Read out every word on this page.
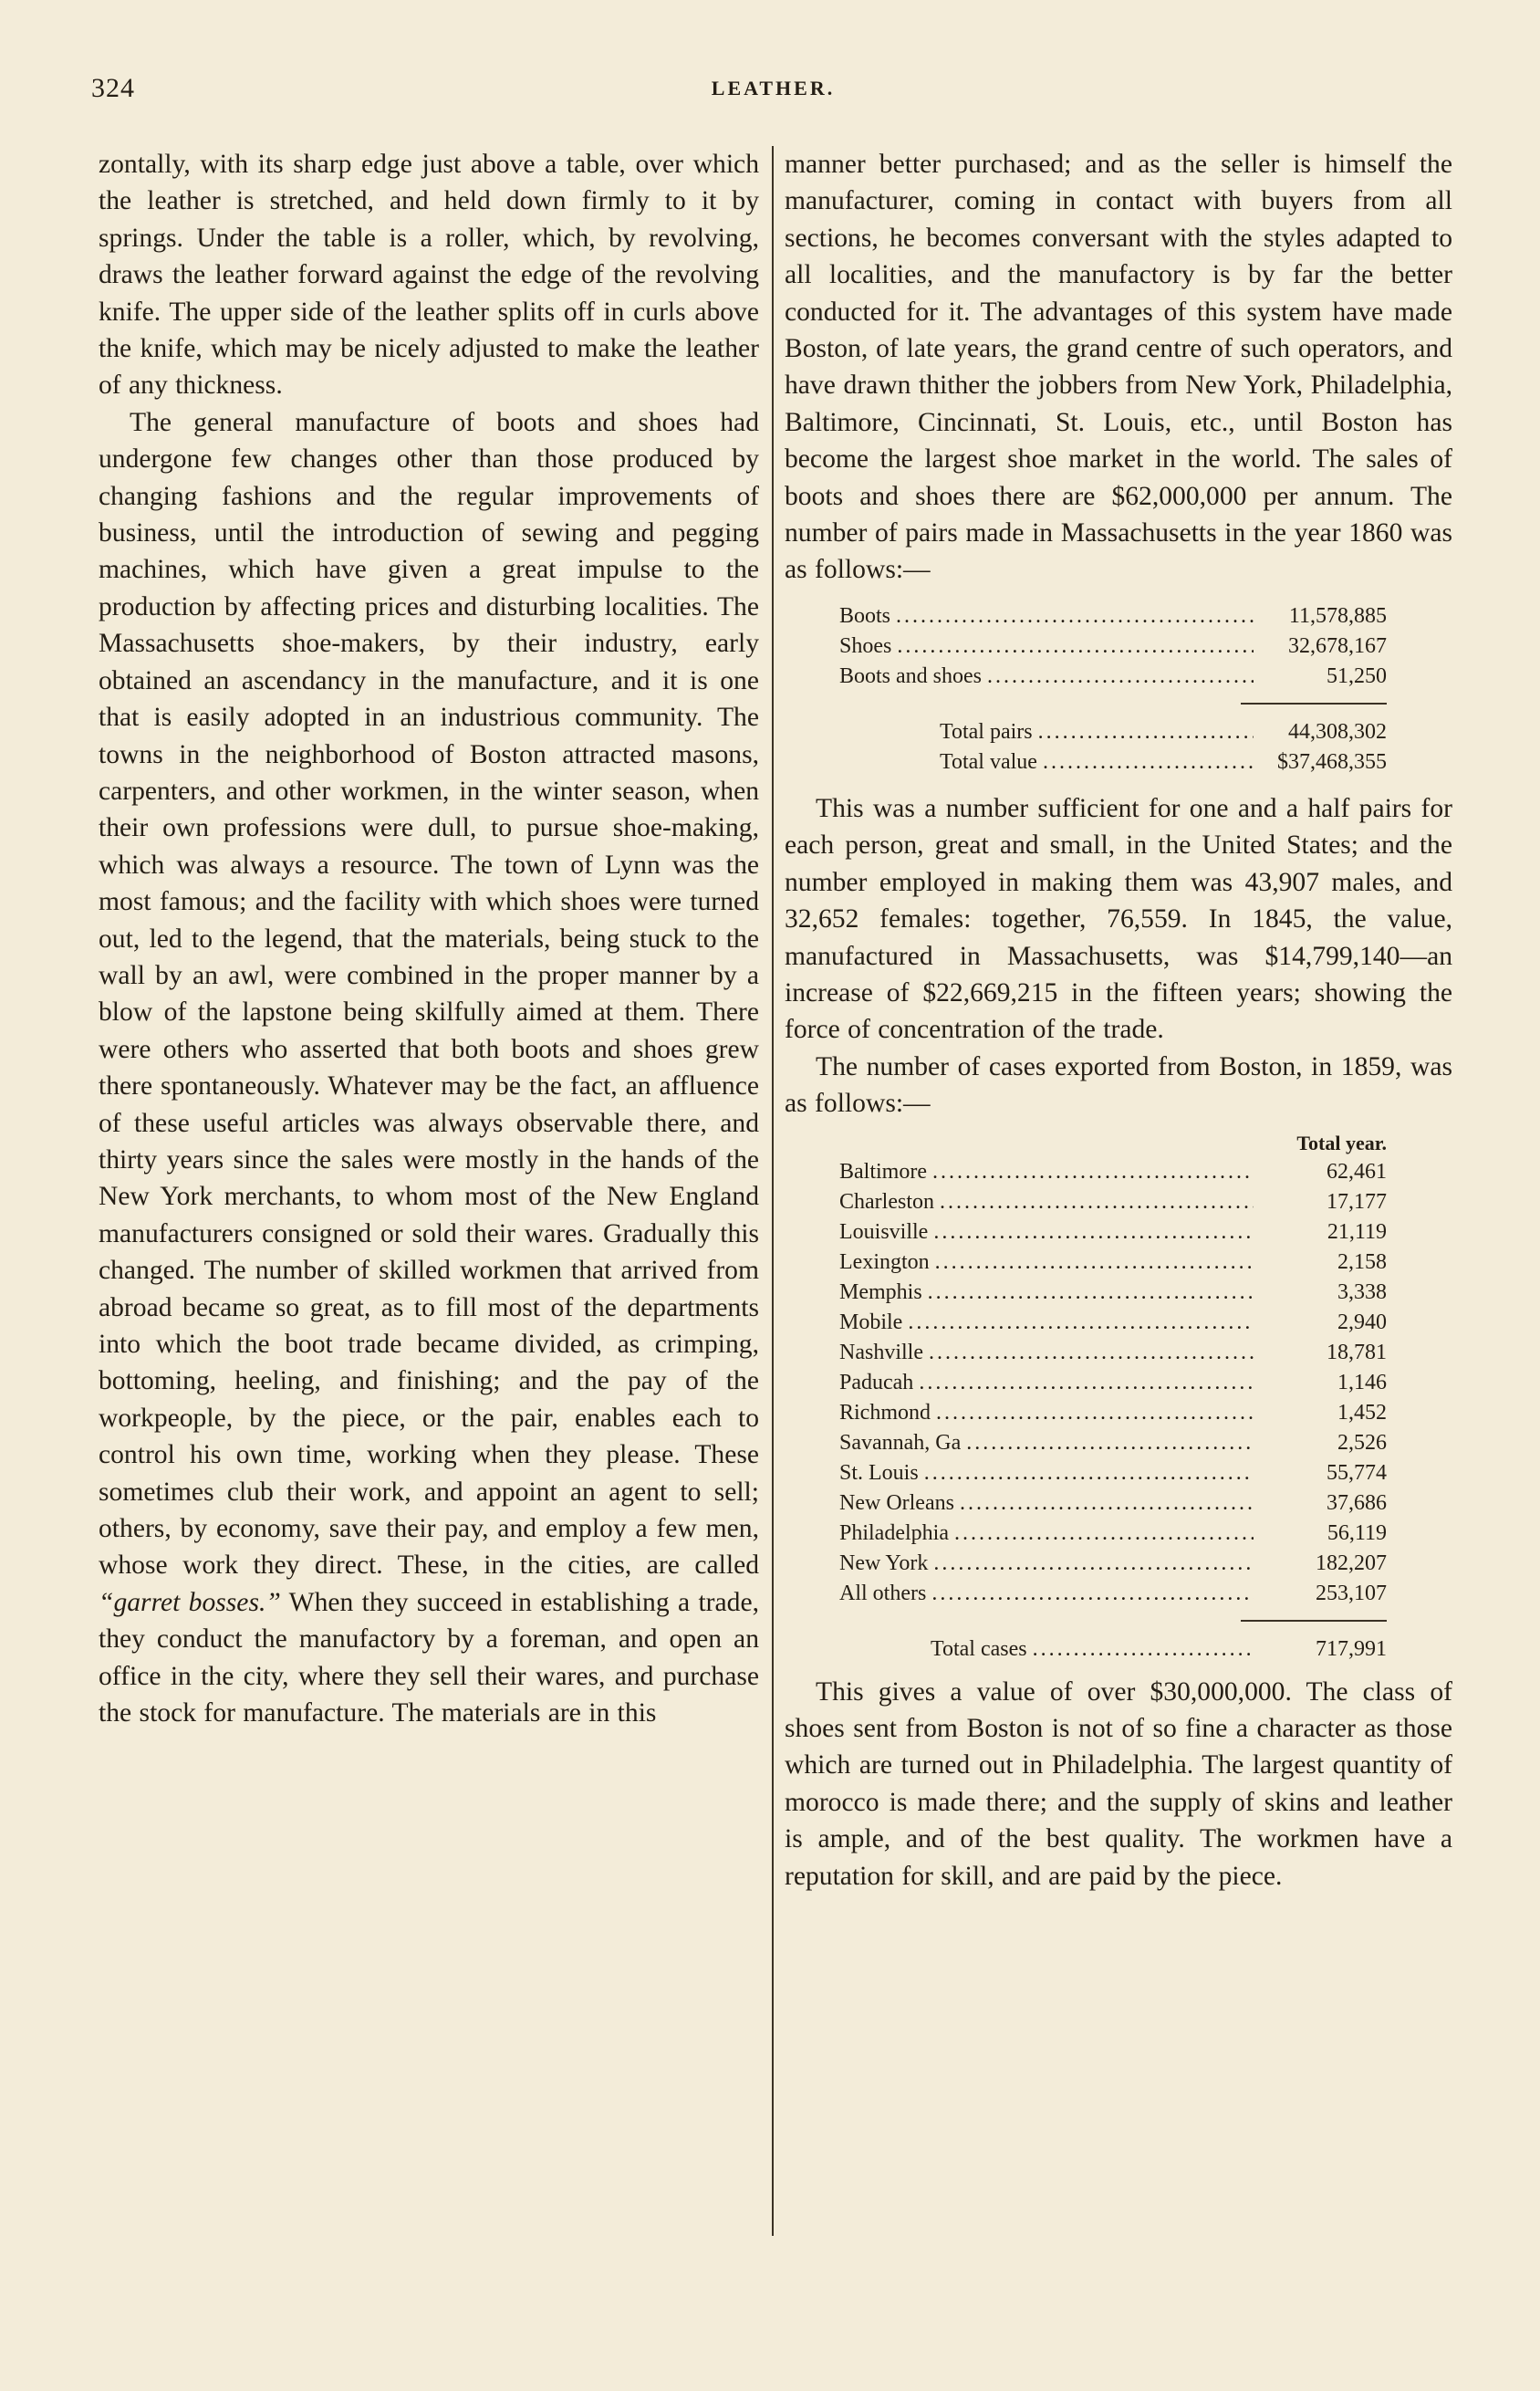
324	LEATHER.

zontally, with its sharp edge just above a table, over which the leather is stretched, and held down firmly to it by springs. Under the table is a roller, which, by revolving, draws the leather forward against the edge of the revolving knife. The upper side of the leather splits off in curls above the knife, which may be nicely adjusted to make the leather of any thickness.

The general manufacture of boots and shoes had undergone few changes other than those produced by changing fashions and the regular improvements of business, until the introduction of sewing and pegging machines, which have given a great impulse to the production by affecting prices and disturbing localities. The Massachusetts shoe-makers, by their industry, early obtained an ascendancy in the manufacture, and it is one that is easily adopted in an industrious community. The towns in the neighborhood of Boston attracted masons, carpenters, and other workmen, in the winter season, when their own professions were dull, to pursue shoe-making, which was always a resource. The town of Lynn was the most famous; and the facility with which shoes were turned out, led to the legend, that the materials, being stuck to the wall by an awl, were combined in the proper manner by a blow of the lapstone being skilfully aimed at them. There were others who asserted that both boots and shoes grew there spontaneously. Whatever may be the fact, an affluence of these useful articles was always observable there, and thirty years since the sales were mostly in the hands of the New York merchants, to whom most of the New England manufacturers consigned or sold their wares. Gradually this changed. The number of skilled workmen that arrived from abroad became so great, as to fill most of the departments into which the boot trade became divided, as crimping, bottoming, heeling, and finishing; and the pay of the workpeople, by the piece, or the pair, enables each to control his own time, working when they please. These sometimes club their work, and appoint an agent to sell; others, by economy, save their pay, and employ a few men, whose work they direct. These, in the cities, are called “garret bosses.” When they succeed in establishing a trade, they conduct the manufactory by a foreman, and open an office in the city, where they sell their wares, and purchase the stock for manufacture. The materials are in this

manner better purchased; and as the seller is himself the manufacturer, coming in contact with buyers from all sections, he becomes conversant with the styles adapted to all localities, and the manufactory is by far the better conducted for it. The advantages of this system have made Boston, of late years, the grand centre of such operators, and have drawn thither the jobbers from New York, Philadelphia, Baltimore, Cincinnati, St. Louis, etc., until Boston has become the largest shoe market in the world. The sales of boots and shoes there are $62,000,000 per annum. The number of pairs made in Massachusetts in the year 1860 was as follows:—

Boots .....	11,578,885
Shoes .....	32,678,167
Boots and shoes .....	51,250
Total pairs .....	44,308,302
Total value .....	$37,468,355

This was a number sufficient for one and a half pairs for each person, great and small, in the United States; and the number employed in making them was 43,907 males, and 32,652 females: together, 76,559. In 1845, the value, manufactured in Massachusetts, was $14,799,140—an increase of $22,669,215 in the fifteen years; showing the force of concentration of the trade.

The number of cases exported from Boston, in 1859, was as follows:—

Total year.
Baltimore .....	62,461
Charleston .....	17,177
Louisville .....	21,119
Lexington .....	2,158
Memphis .....	3,338
Mobile .....	2,940
Nashville .....	18,781
Paducah .....	1,146
Richmond .....	1,452
Savannah, Ga .....	2,526
St. Louis .....	55,774
New Orleans .....	37,686
Philadelphia .....	56,119
New York .....	182,207
All others .....	253,107
Total cases .....	717,991

This gives a value of over $30,000,000. The class of shoes sent from Boston is not of so fine a character as those which are turned out in Philadelphia. The largest quantity of morocco is made there; and the supply of skins and leather is ample, and of the best quality. The workmen have a reputation for skill, and are paid by the piece.
